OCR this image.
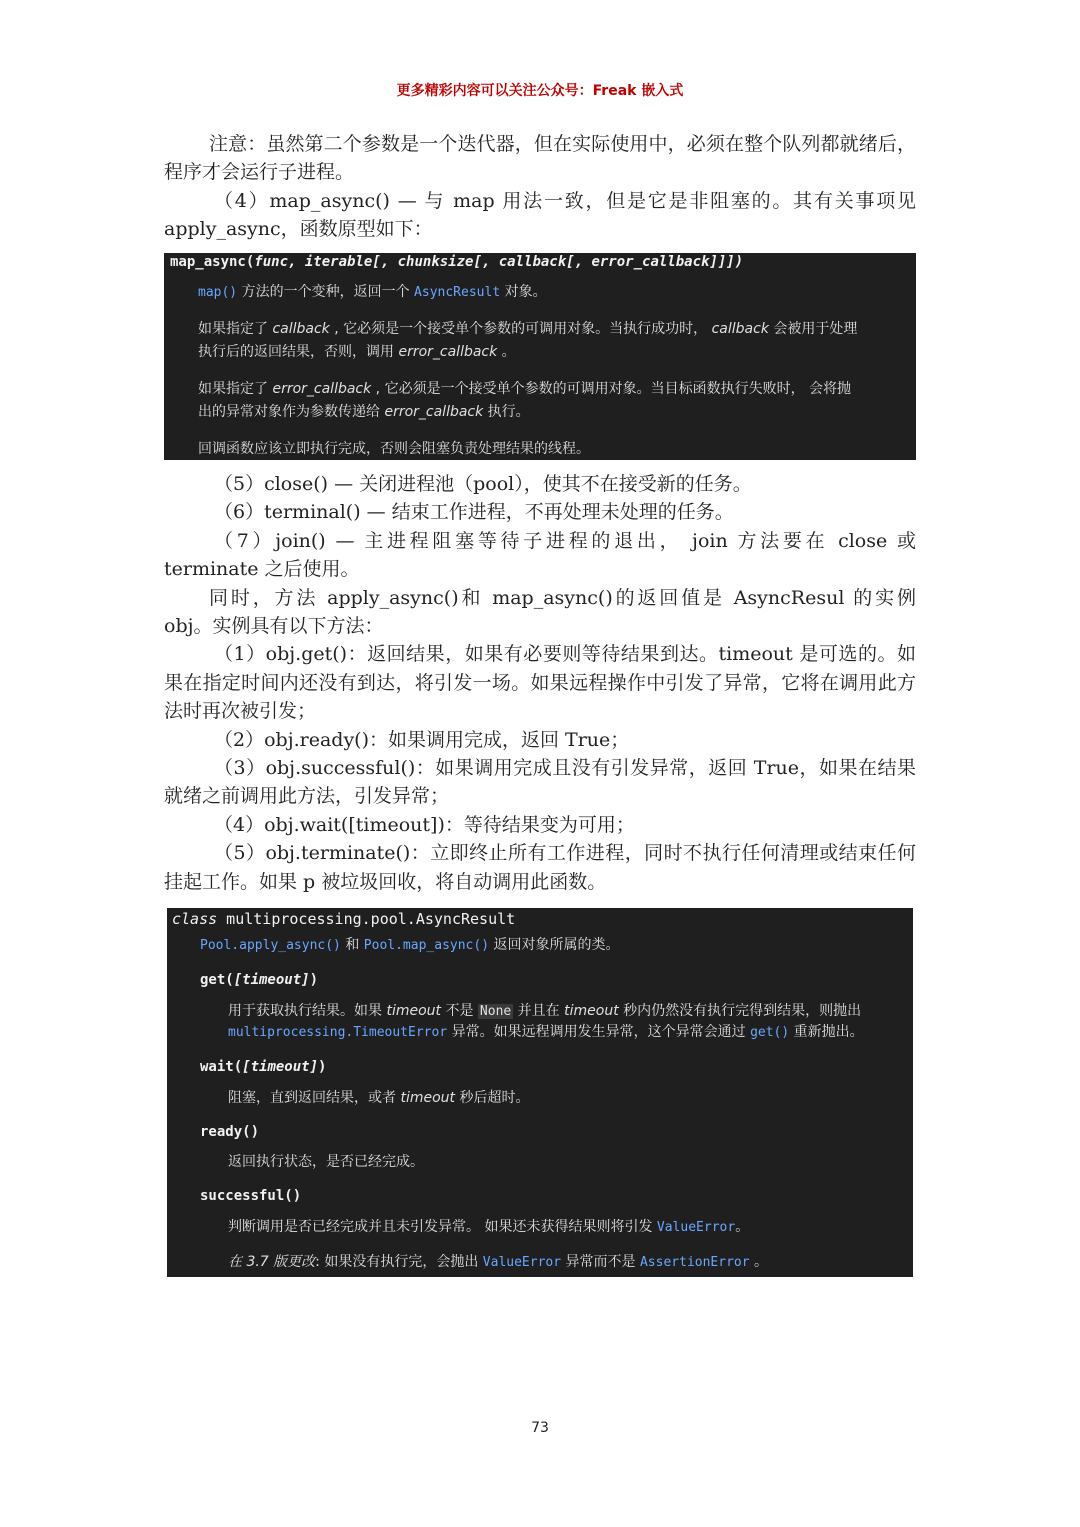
更多精彩内容可以关注公众号：Freak 嵌入式

注意：虽然第二个参数是一个迭代器，但在实际使用中，必须在整个队列都就绪后，程序才会运行子进程。

（4）map_async() — 与 map 用法一致，但是它是非阻塞的。其有关事项见 apply_async，函数原型如下：

map_async(func, iterable[, chunksize[, callback[, error_callback]]])
map() 方法的一个变种，返回一个 AsyncResult 对象。
如果指定了 callback , 它必须是一个接受单个参数的可调用对象。当执行成功时， callback 会被用于处理
执行后的返回结果，否则，调用 error_callback 。
如果指定了 error_callback , 它必须是一个接受单个参数的可调用对象。当目标函数执行失败时， 会将抛
出的异常对象作为参数传递给 error_callback 执行。
回调函数应该立即执行完成，否则会阻塞负责处理结果的线程。

（5）close() — 关闭进程池（pool），使其不在接受新的任务。

（6）terminal() — 结束工作进程，不再处理未处理的任务。

（7）join() — 主进程阻塞等待子进程的退出， join 方法要在 close 或 terminate 之后使用。

同时，方法 apply_async()和 map_async()的返回值是 AsyncResul 的实例 obj。实例具有以下方法：

（1）obj.get()：返回结果，如果有必要则等待结果到达。timeout 是可选的。如果在指定时间内还没有到达，将引发一场。如果远程操作中引发了异常，它将在调用此方法时再次被引发；

（2）obj.ready()：如果调用完成，返回 True；

（3）obj.successful()：如果调用完成且没有引发异常，返回 True，如果在结果就绪之前调用此方法，引发异常；

（4）obj.wait([timeout])：等待结果变为可用；

（5）obj.terminate()：立即终止所有工作进程，同时不执行任何清理或结束任何挂起工作。如果 p 被垃圾回收，将自动调用此函数。

class multiprocessing.pool.AsyncResult
Pool.apply_async() 和 Pool.map_async() 返回对象所属的类。
get([timeout])
用于获取执行结果。如果 timeout 不是 None 并且在 timeout 秒内仍然没有执行完得到结果，则抛出
multiprocessing.TimeoutError 异常。如果远程调用发生异常，这个异常会通过 get() 重新抛出。
wait([timeout])
阻塞，直到返回结果，或者 timeout 秒后超时。
ready()
返回执行状态，是否已经完成。
successful()
判断调用是否已经完成并且未引发异常。 如果还未获得结果则将引发 ValueError。
在 3.7 版更改: 如果没有执行完，会抛出 ValueError 异常而不是 AssertionError 。
73
